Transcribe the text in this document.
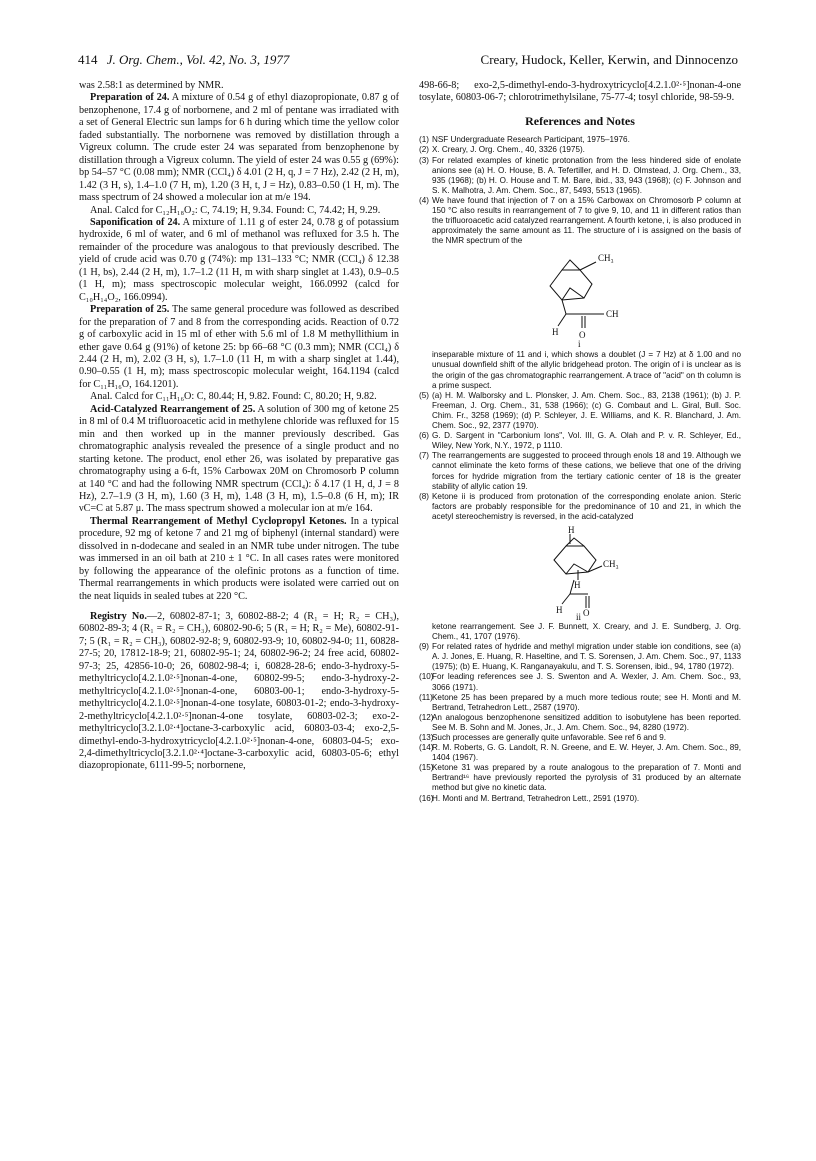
414 J. Org. Chem., Vol. 42, No. 3, 1977	Creary, Hudock, Keller, Kerwin, and Dinnocenzo

was 2.58:1 as determined by NMR.

Preparation of 24. A mixture of 0.54 g of ethyl diazopropionate, 0.87 g of benzophenone, 17.4 g of norbornene, and 2 ml of pentane was irradiated with a set of General Electric sun lamps for 6 h during which time the yellow color faded substantially. The norbornene was removed by distillation through a Vigreux column. The crude ester 24 was separated from benzophenone by distillation through a Vigreux column. The yield of ester 24 was 0.55 g (69%): bp 54–57 °C (0.08 mm); NMR (CCl₄) δ 4.01 (2 H, q, J = 7 Hz), 2.42 (2 H, m), 1.42 (3 H, s), 1.4–1.0 (7 H, m), 1.20 (3 H, t, J = Hz), 0.83–0.50 (1 H, m). The mass spectrum of 24 showed a molecular ion at m/e 194.

Anal. Calcd for C₁₂H₁₈O₂: C, 74.19; H, 9.34. Found: C, 74.42; H, 9.29.

Saponification of 24. A mixture of 1.11 g of ester 24, 0.78 g of potassium hydroxide, 6 ml of water, and 6 ml of methanol was refluxed for 3.5 h. The remainder of the procedure was analogous to that previously described. The yield of crude acid was 0.70 g (74%): mp 131–133 °C; NMR (CCl₄) δ 12.38 (1 H, bs), 2.44 (2 H, m), 1.7–1.2 (11 H, m with sharp singlet at 1.43), 0.9–0.5 (1 H, m); mass spectroscopic molecular weight, 166.0992 (calcd for C₁₀H₁₄O₂, 166.0994).

Preparation of 25. The same general procedure was followed as described for the preparation of 7 and 8 from the corresponding acids. Reaction of 0.72 g of carboxylic acid in 15 ml of ether with 5.6 ml of 1.8 M methyllithium in ether gave 0.64 g (91%) of ketone 25: bp 66–68 °C (0.3 mm); NMR (CCl₄) δ 2.44 (2 H, m), 2.02 (3 H, s), 1.7–1.0 (11 H, m with a sharp singlet at 1.44), 0.90–0.55 (1 H, m); mass spectroscopic molecular weight, 164.1194 (calcd for C₁₁H₁₆O, 164.1201).

Anal. Calcd for C₁₁H₁₆O: C, 80.44; H, 9.82. Found: C, 80.20; H, 9.82.

Acid-Catalyzed Rearrangement of 25. A solution of 300 mg of ketone 25 in 8 ml of 0.4 M trifluoroacetic acid in methylene chloride was refluxed for 15 min and then worked up in the manner previously described. Gas chromatographic analysis revealed the presence of a single product and no starting ketone. The product, enol ether 26, was isolated by preparative gas chromatography using a 6-ft, 15% Carbowax 20M on Chromosorb P column at 140 °C and had the following NMR spectrum (CCl₄): δ 4.17 (1 H, d, J = 8 Hz), 2.7–1.9 (3 H, m), 1.60 (3 H, m), 1.48 (3 H, m), 1.5–0.8 (6 H, m); IR νC=C at 5.87 μ. The mass spectrum showed a molecular ion at m/e 164.

Thermal Rearrangement of Methyl Cyclopropyl Ketones. In a typical procedure, 92 mg of ketone 7 and 21 mg of biphenyl (internal standard) were dissolved in n-dodecane and sealed in an NMR tube under nitrogen. The tube was immersed in an oil bath at 210 ± 1 °C. In all cases rates were monitored by following the appearance of the olefinic protons as a function of time. Thermal rearrangements in which products were isolated were carried out on the neat liquids in sealed tubes at 220 °C.

Registry No.—2, 60802-87-1; 3, 60802-88-2; 4 (R₁ = H; R₂ = CH₃), 60802-89-3; 4 (R₁ = R₂ = CH₃), 60802-90-6; 5 (R₁ = H; R₂ = Me), 60802-91-7; 5 (R₁ = R₂ = CH₃), 60802-92-8; 9, 60802-93-9; 10, 60802-94-0; 11, 60828-27-5; 20, 17812-18-9; 21, 60802-95-1; 24, 60802-96-2; 24 free acid, 60802-97-3; 25, 42856-10-0; 26, 60802-98-4; i, 60828-28-6; endo-3-hydroxy-5-methyltricyclo[4.2.1.0²·⁵]nonan-4-one, 60802-99-5; endo-3-hydroxy-2-methyltricyclo[4.2.1.0²·⁵]nonan-4-one, 60803-00-1; endo-3-hydroxy-5-methyltricyclo[4.2.1.0²·⁵]nonan-4-one tosylate, 60803-01-2; endo-3-hydroxy-2-methyltricyclo[4.2.1.0²·⁵]nonan-4-one tosylate, 60803-02-3; exo-2-methyltricyclo[3.2.1.0²·⁴]octane-3-carboxylic acid, 60803-03-4; exo-2,5-dimethyl-endo-3-hydroxytricyclo[4.2.1.0²·⁵]nonan-4-one, 60803-04-5; exo-2,4-dimethyltricyclo[3.2.1.0²·⁴]octane-3-carboxylic acid, 60803-05-6; ethyl diazopropionate, 6111-99-5; norbornene,

498-66-8; exo-2,5-dimethyl-endo-3-hydroxytricyclo[4.2.1.0²·⁵]nonan-4-one tosylate, 60803-06-7; chlorotrimethylsilane, 75-77-4; tosyl chloride, 98-59-9.

References and Notes
(1) NSF Undergraduate Research Participant, 1975–1976.
(2) X. Creary, J. Org. Chem., 40, 3326 (1975).
(3) For related examples of kinetic protonation from the less hindered side of enolate anions see (a) H. O. House, B. A. Tefertiller, and H. D. Olmstead, J. Org. Chem., 33, 935 (1968); (b) H. O. House and T. M. Bare, ibid., 33, 943 (1968); (c) F. Johnson and S. K. Malhotra, J. Am. Chem. Soc., 87, 5493, 5513 (1965).
(4) We have found that injection of 7 on a 15% Carbowax on Chromosorb P column at 150 °C also results in rearrangement of 7 to give 9, 10, and 11 in different ratios than the trifluoroacetic acid catalyzed rearrangement. A fourth ketone, i, is also produced in approximately the same amount as 11. The structure of i is assigned on the basis of the NMR spectrum of the
CH₃
CH
H O
i
inseparable mixture of 11 and i, which shows a doublet (J = 7 Hz) at δ 1.00 and no unusual downfield shift of the allylic bridgehead proton. The origin of i is unclear as is the origin of the gas chromatographic rearrangement. A trace of "acid" on th column is a prime suspect.
(5) (a) H. M. Walborsky and L. Plonsker, J. Am. Chem. Soc., 83, 2138 (1961); (b) J. P. Freeman, J. Org. Chem., 31, 538 (1966); (c) G. Combaut and L. Giral, Bull. Soc. Chim. Fr., 3258 (1969); (d) P. Schleyer, J. E. Williams, and K. R. Blanchard, J. Am. Chem. Soc., 92, 2377 (1970).
(6) G. D. Sargent in "Carbonium Ions", Vol. III, G. A. Olah and P. v. R. Schleyer, Ed., Wiley, New York, N.Y., 1972, p 1110.
(7) The rearrangements are suggested to proceed through enols 18 and 19. Although we cannot eliminate the keto forms of these cations, we believe that one of the driving forces for hydride migration from the tertiary cationic center of 18 is the greater stability of allylic cation 19.
(8) Ketone ii is produced from protonation of the corresponding enolate anion. Steric factors are probably responsible for the predominance of 10 and 21, in which the acetyl stereochemistry is reversed, in the acid-catalyzed
H
H
CH₃
H O
ii
ketone rearrangement. See J. F. Bunnett, X. Creary, and J. E. Sundberg, J. Org. Chem., 41, 1707 (1976).
(9) For related rates of hydride and methyl migration under stable ion conditions, see (a) A. J. Jones, E. Huang, R. Haseltine, and T. S. Sorensen, J. Am. Chem. Soc., 97, 1133 (1975); (b) E. Huang, K. Ranganayakulu, and T. S. Sorensen, ibid., 94, 1780 (1972).
(10)
For leading references see J. S. Swenton and A. Wexler, J. Am. Chem. Soc., 93, 3066 (1971).
(11) Ketone 25 has been prepared by a much more tedious route; see H. Monti and M. Bertrand, Tetrahedron Lett., 2587 (1970).
(12)
An analogous benzophenone sensitized addition to isobutylene has been reported. See M. B. Sohn and M. Jones, Jr., J. Am. Chem. Soc., 94, 8280 (1972).
(13)
Such processes are generally quite unfavorable. See ref 6 and 9.
(14)
R. M. Roberts, G. G. Landolt, R. N. Greene, and E. W. Heyer, J. Am. Chem. Soc., 89, 1404 (1967).
(15)
Ketone 31 was prepared by a route analogous to the preparation of 7. Monti and Bertrand¹⁶ have previously reported the pyrolysis of 31 produced by an alternate method but give no kinetic data.
(16)
H. Monti and M. Bertrand, Tetrahedron Lett., 2591 (1970).
